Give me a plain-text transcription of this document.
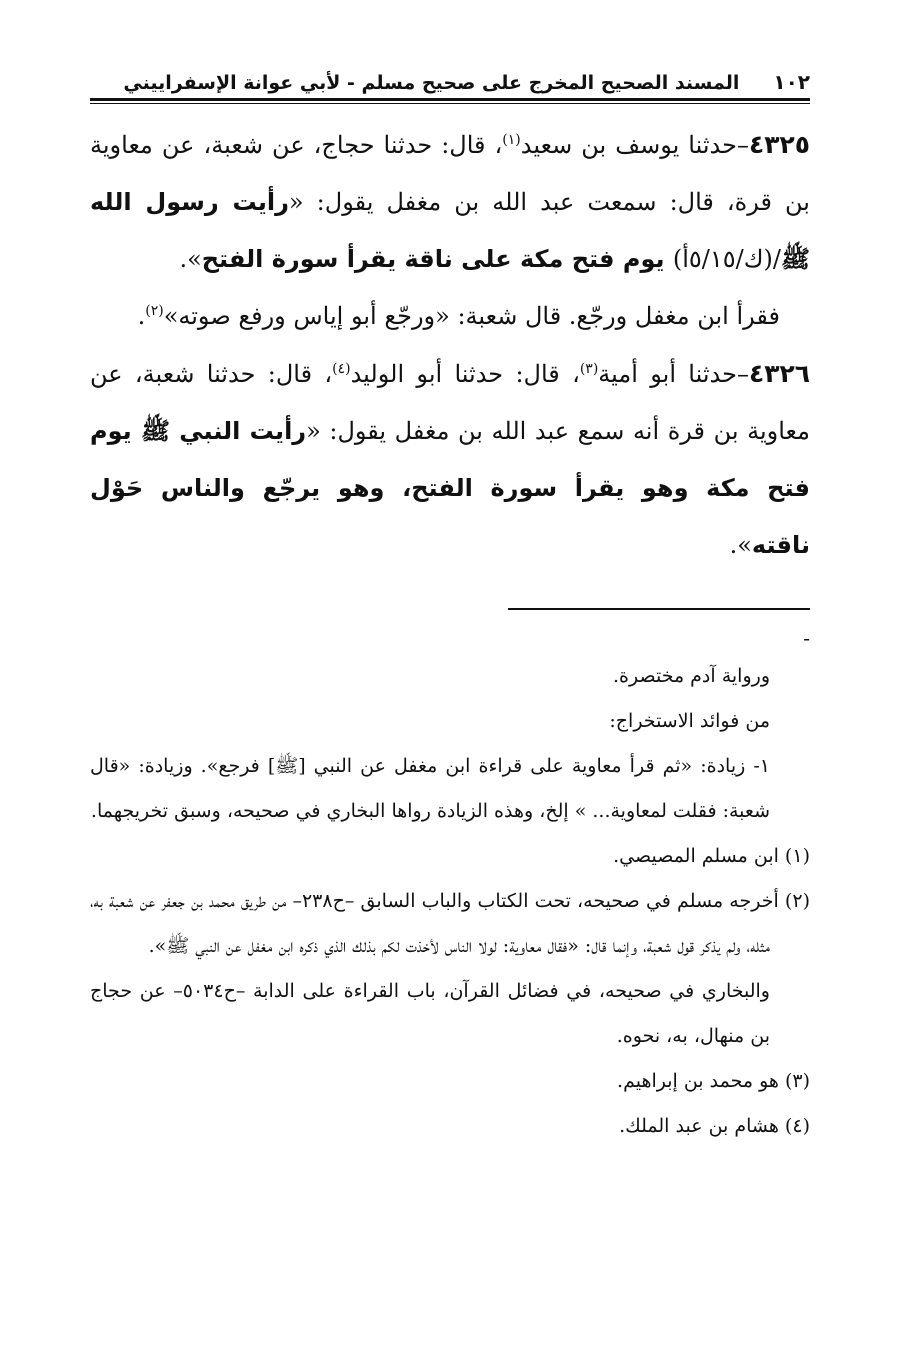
١٠٢
المسند الصحيح المخرج على صحيح مسلم - لأبي عوانة الإسفراييني

٤٣٢٥–حدثنا يوسف بن سعيد$^{(١)}$، قال: حدثنا حجاج، عن شعبة، عن معاوية بن قرة، قال: سمعت عبد الله بن مغفل يقول: «رأيت رسول الله ﷺ/(ك/٥/١٥أ) يوم فتح مكة على ناقة يقرأ سورة الفتح».

فقرأ ابن مغفل ورجّع. قال شعبة: «ورجّع أبو إياس ورفع صوته»$^{(٢)}$.

٤٣٢٦–حدثنا أبو أمية$^{(٣)}$، قال: حدثنا أبو الوليد$^{(٤)}$، قال: حدثنا شعبة، عن معاوية بن قرة أنه سمع عبد الله بن مغفل يقول: «رأيت النبي ﷺ يوم فتح مكة وهو يقرأ سورة الفتح، وهو يرجّع والناس حَوْل ناقته».

-

ورواية آدم مختصرة.

من فوائد الاستخراج:

١- زيادة: «ثم قرأ معاوية على قراءة ابن مغفل عن النبي [ﷺ] فرجع». وزيادة: «قال شعبة: فقلت لمعاوية... » إلخ، وهذه الزيادة رواها البخاري في صحيحه، وسبق تخريجهما.

(١) ابن مسلم المصيصي.

(٢) أخرجه مسلم في صحيحه، تحت الكتاب والباب السابق –ح٢٣٨– من طريق محمد بن جعفر عن شعبة به، مثله، ولم يذكر قول شعبة، وإنما قال: «فقال معاوية: لولا الناس لأخذت لكم بذلك الذي ذكره ابن مغفل عن النبي ﷺ».

والبخاري في صحيحه، في فضائل القرآن، باب القراءة على الدابة –ح٥٠٣٤– عن حجاج بن منهال، به، نحوه.

(٣) هو محمد بن إبراهيم.

(٤) هشام بن عبد الملك.
